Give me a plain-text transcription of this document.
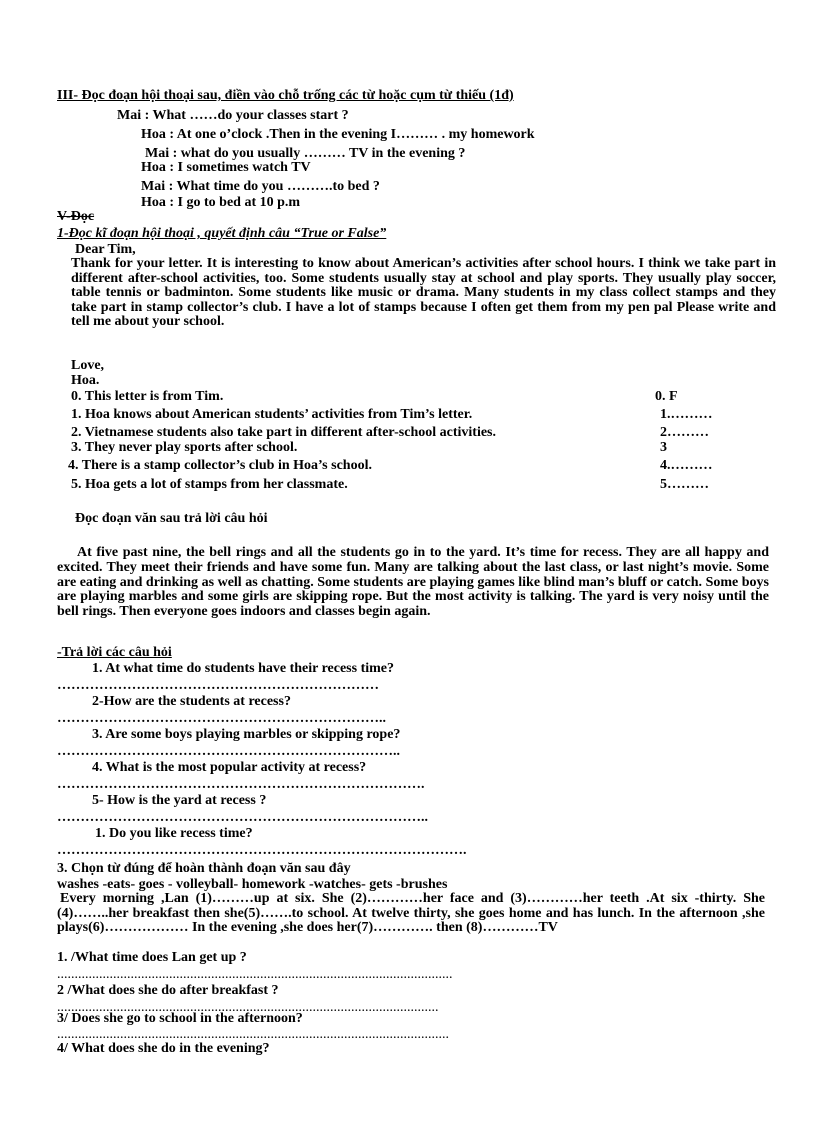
III- Đọc đoạn hội thoại sau, điền vào chỗ trống các từ hoặc cụm từ thiếu (1đ)
Mai : What ……do your classes start ?
Hoa : At one o’clock .Then in the evening I……… . my homework
Mai : what do you usually ……… TV in the evening ?
Hoa : I sometimes watch TV
Mai : What time do you ……….to bed ?
Hoa : I go to bed at 10 p.m
V-Đọc
1-Đọc kĩ đoạn hội thoại , quyết định câu “True or False”
Dear Tim,
Thank for your letter. It is interesting to know about American’s activities after school hours. I think we take part in different after-school activities, too. Some students usually stay at school and play sports. They usually play soccer, table tennis or badminton. Some students like music or drama. Many students in my class collect stamps and they take part in stamp collector’s club. I have a lot of stamps because I often get them from my pen pal Please write and tell me about your school.
Love,
Hoa.
0. This letter is from Tim.	0. F
1. Hoa knows about American students’ activities from Tim’s letter.	1.………
2. Vietnamese students also take part in different after-school activities.	2………
3. They never play sports after school.	3
4. There is a stamp collector’s club in Hoa’s school.	4.………
5. Hoa gets a lot of stamps from her classmate.	5………
Đọc đoạn văn sau trả lời câu hỏi
At five past nine, the bell rings and all the students go in to the yard. It’s time for recess. They are all happy and excited. They meet their friends and have some fun. Many are talking about the last class, or last night’s movie. Some are eating and drinking as well as chatting. Some students are playing games like blind man’s bluff or catch. Some boys are playing marbles and some girls are skipping rope. But the most activity is talking. The yard is very noisy until the bell rings. Then everyone goes indoors and classes begin again.
-Trả lời các câu hỏi
1. At what time do students have their recess time?
……………………………………………………………
2-How are the students at recess?
……………………………………………………………..
3. Are some boys playing marbles or skipping rope?
………………………………………………………………..
4. What is the most popular activity at recess?
…………………………………………………………………….
5- How is the yard at recess ?
……………………………………………………………………..
1. Do you like recess time?
…………………………………………………………………………….
3. Chọn từ đúng để hoàn thành đoạn văn sau đây
washes -eats- goes - volleyball- homework -watches- gets -brushes
Every morning ,Lan (1)………up at six. She (2)…………her face and (3)…………her teeth .At six -thirty. She (4)……..her breakfast then she(5)…….to school. At twelve thirty, she goes home and has lunch. In the afternoon ,she plays(6)……………… In the evening ,she does her(7)…………. then (8)…………TV
1. /What time does Lan get up ?
.................................................................................................................
2 /What does she do after breakfast ?
.............................................................................................................
3/ Does she go to school in the afternoon?
................................................................................................................
4/ What does she do in the evening?
